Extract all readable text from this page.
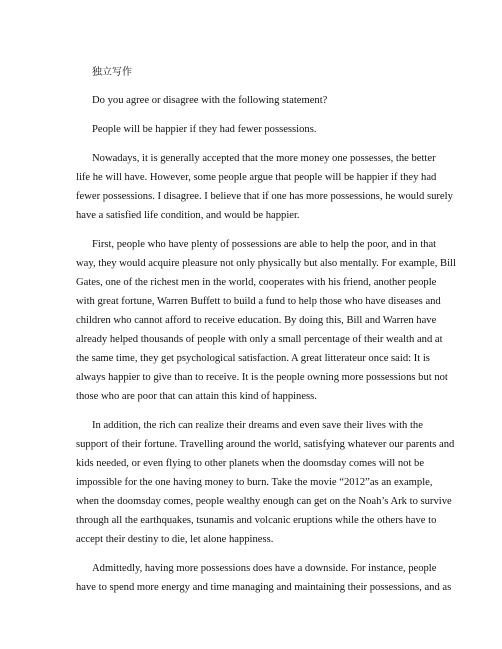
独立写作
Do you agree or disagree with the following statement?
People will be happier if they had fewer possessions.
Nowadays, it is generally accepted that the more money one possesses, the better
life he will have. However, some people argue that people will be happier if they had
fewer possessions. I disagree. I believe that if one has more possessions, he would surely
have a satisfied life condition, and would be happier.
First, people who have plenty of possessions are able to help the poor, and in that
way, they would acquire pleasure not only physically but also mentally. For example, Bill
Gates, one of the richest men in the world, cooperates with his friend, another people
with great fortune, Warren Buffett to build a fund to help those who have diseases and
children who cannot afford to receive education. By doing this, Bill and Warren have
already helped thousands of people with only a small percentage of their wealth and at
the same time, they get psychological satisfaction. A great litterateur once said: It is
always happier to give than to receive. It is the people owning more possessions but not
those who are poor that can attain this kind of happiness.
In addition, the rich can realize their dreams and even save their lives with the
support of their fortune. Travelling around the world, satisfying whatever our parents and
kids needed, or even flying to other planets when the doomsday comes will not be
impossible for the one having money to burn. Take the movie “2012”as an example,
when the doomsday comes, people wealthy enough can get on the Noah’s Ark to survive
through all the earthquakes, tsunamis and volcanic eruptions while the others have to
accept their destiny to die, let alone happiness.
Admittedly, having more possessions does have a downside. For instance, people
have to spend more energy and time managing and maintaining their possessions, and as
